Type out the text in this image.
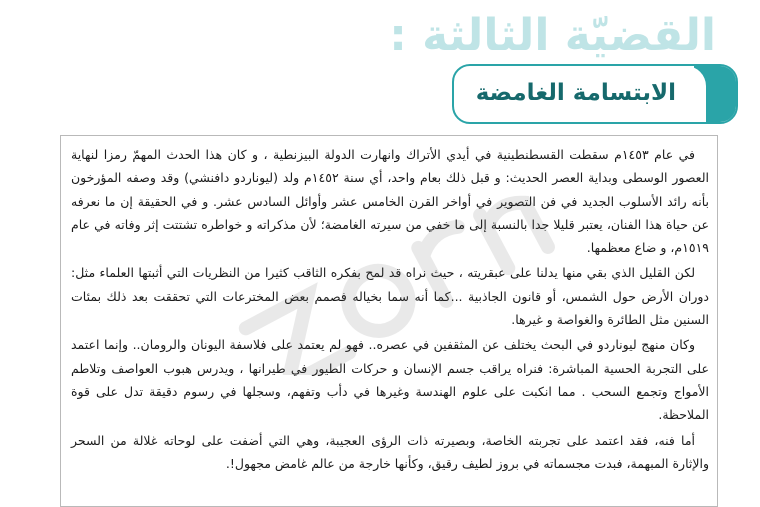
القضيّة الثالثة :
الابتسامة الغامضة

في عام ١٤٥٣م سقطت القسطنطينية في أيدي الأتراك وانهارت الدولة البيزنطية ، و كان هذا الحدث المهمّ رمزا لنهاية العصور الوسطى وبداية العصر الحديث: و قبل ذلك بعام واحد، أي سنة ١٤٥٢م ولد (ليوناردو دافنشي) وقد وصفه المؤرخون بأنه رائد الأسلوب الجديد في فن التصوير في أواخر القرن الخامس عشر وأوائل السادس عشر. و في الحقيقة إن ما نعرفه عن حياة هذا الفنان، يعتبر قليلا جدا بالنسبة إلى ما خفي من سيرته الغامضة؛ لأن مذكراته و خواطره تشتتت إثر وفاته في عام ١٥١٩م، و ضاع معظمها.

لكن القليل الذي بقي منها يدلنا على عبقريته ، حيث نراه قد لمح بفكره الثاقب كثيرا من النظريات التي أثبتها العلماء مثل: دوران الأرض حول الشمس، أو قانون الجاذبية ...كما أنه سما بخياله فصمم بعض المخترعات التي تحققت بعد ذلك بمئات السنين مثل الطائرة والغواصة و غيرها.

وكان منهج ليوناردو في البحث يختلف عن المثقفين في عصره.. فهو لم يعتمد على فلاسفة اليونان والرومان.. وإنما اعتمد على التجربة الحسية المباشرة: فنراه يراقب جسم الإنسان و حركات الطيور في طيرانها ، ويدرس هبوب العواصف وتلاطم الأمواج وتجمع السحب . مما انكبت على علوم الهندسة وغيرها في دأب وتفهم، وسجلها في رسوم دقيقة تدل على قوة الملاحظة.

أما فنه، فقد اعتمد على تجربته الخاصة، وبصيرته ذات الرؤى العجيبة، وهي التي أضفت على لوحاته غلالة من السحر والإثارة المبهمة، فبدت مجسماته في بروز لطيف رقيق، وكأنها خارجة من عالم غامض مجهول!.
